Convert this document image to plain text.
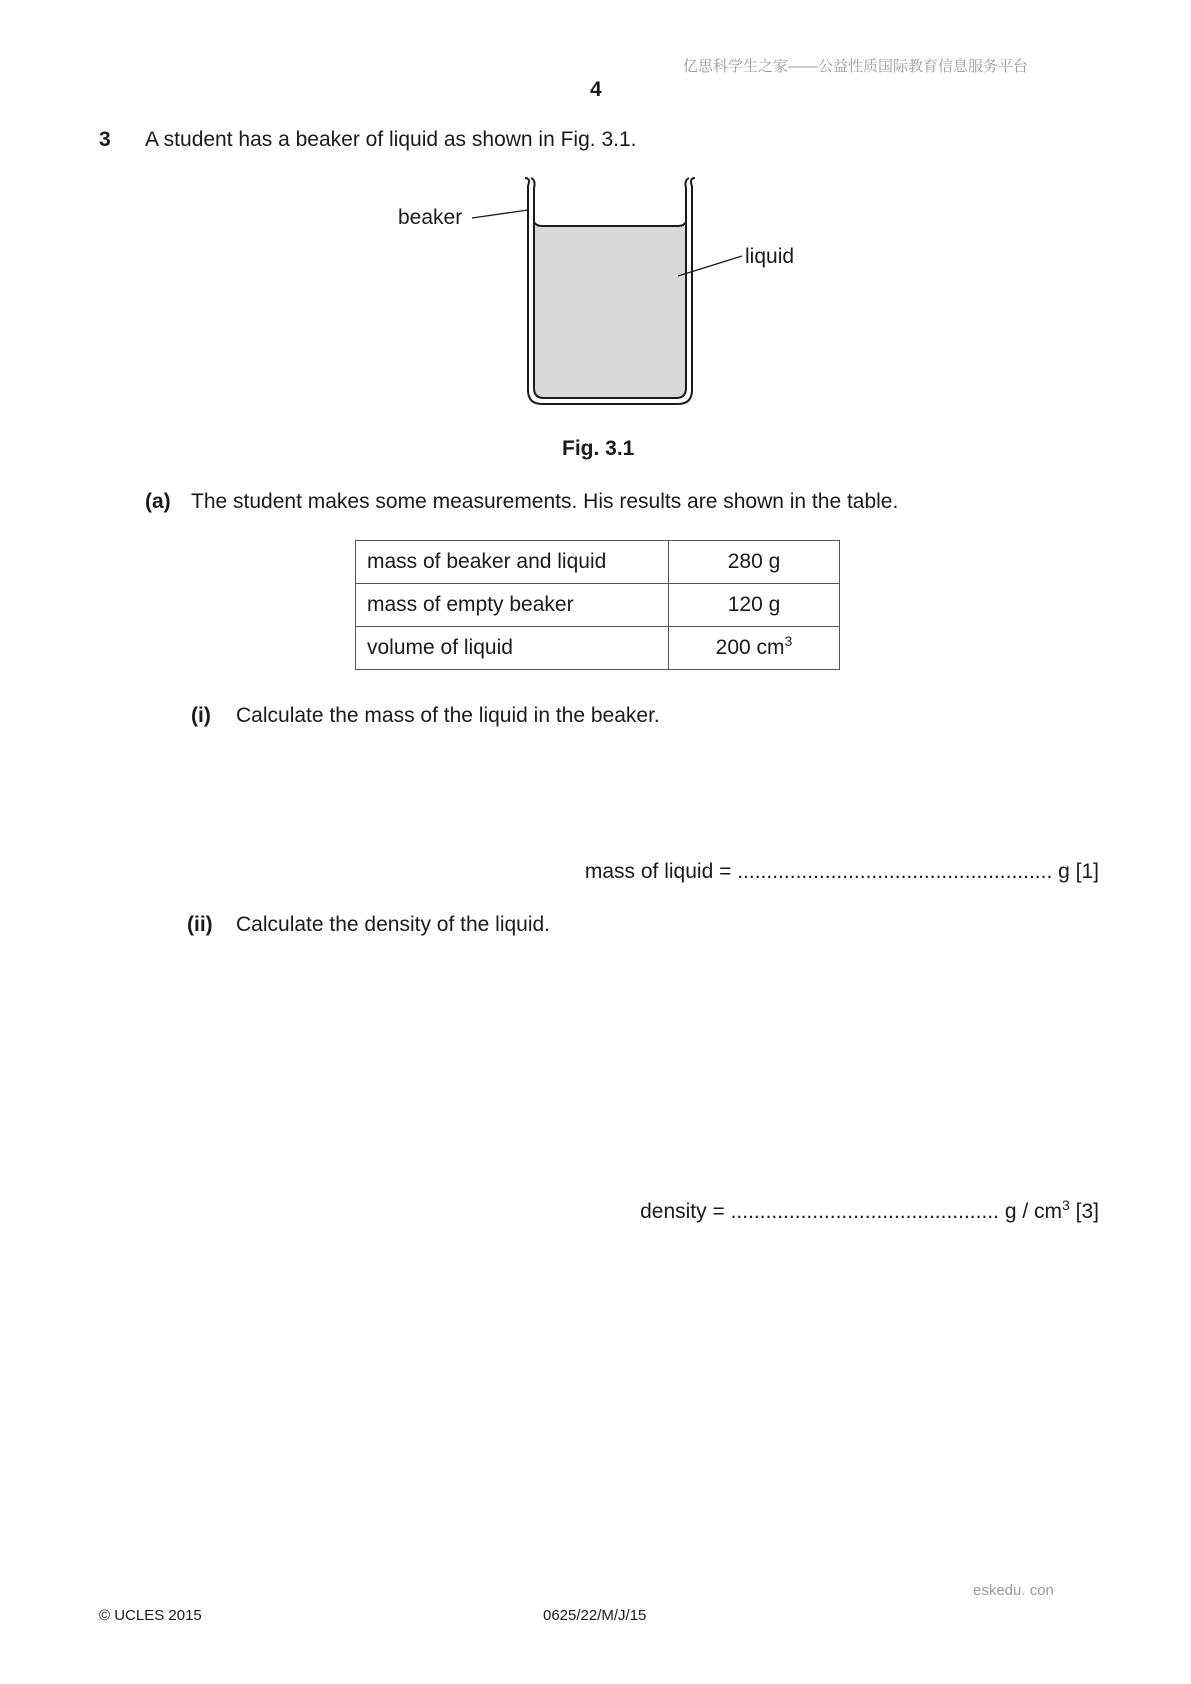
亿思科学生之家——公益性质国际教育信息服务平台
4
3 A student has a beaker of liquid as shown in Fig. 3.1.
beaker
liquid
Fig. 3.1
(a) The student makes some measurements. His results are shown in the table.
mass of beaker and liquid	280 g
mass of empty beaker	120 g
volume of liquid	200 $cm^3$
(i) Calculate the mass of the liquid in the beaker.
mass of liquid = ...................................................... g [1]
(ii) Calculate the density of the liquid.
density = .............................................. g / $cm^3$ [3]
eskedu. con
© UCLES 2015	0625/22/M/J/15
